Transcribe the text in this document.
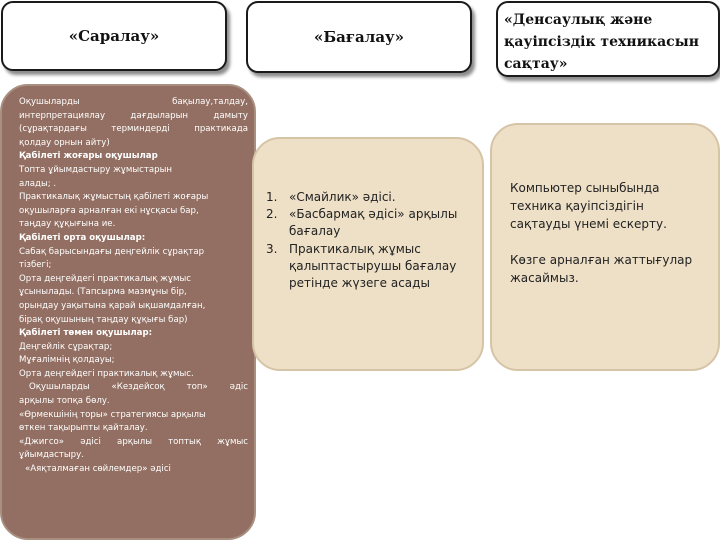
«Саралау»	«Бағалау»
«Денсаулық және қауіпсіздік техникасын сақтау»

Оқушыларды бақылау,талдау,

интерпретациялау дағдыларын дамыту

(сұрақтардағы терминдерді практикада

қолдау орнын айту)

Қабілеті жоғары оқушылар

Топта ұйымдастыру жұмыстарын

алады; .

Практикалық жұмыстың қабілеті жоғары

оқушыларға арналған екі нұсқасы бар,

таңдау құқығына ие.

Қабілеті орта оқушылар:

Сабақ барысындағы деңгейлік сұрақтар

тізбегі;

Орта деңгейдегі практикалық жұмыс

ұсынылады. (Тапсырма мазмұны бір,

орындау уақытына қарай ықшамдалған,

бірақ оқушының таңдау құқығы бар)

Қабілеті төмен оқушылар:

Деңгейлік сұрақтар;

Мұғалімнің қолдауы;

Орта деңгейдегі практикалық жұмыс.

Оқушыларды «Кездейсоқ топ» әдіс

арқылы топқа бөлу.

«Өрмекшінің торы» стратегиясы арқылы

өткен тақырыпты қайталау.

«Джигсо» әдісі арқылы топтық жұмыс

ұйымдастыру.

«Аяқталмаған сөйлемдер» әдісі

1. «Смайлик» әдісі.
2. «Басбармақ әдісі» арқылы бағалау
3. Практикалық жұмыс қалыптастырушы бағалау ретінде жүзеге асады

Компьютер сыныбында техника қауіпсіздігін сақтауды үнемі ескерту.

Көзге арналған жаттығулар жасаймыз.
